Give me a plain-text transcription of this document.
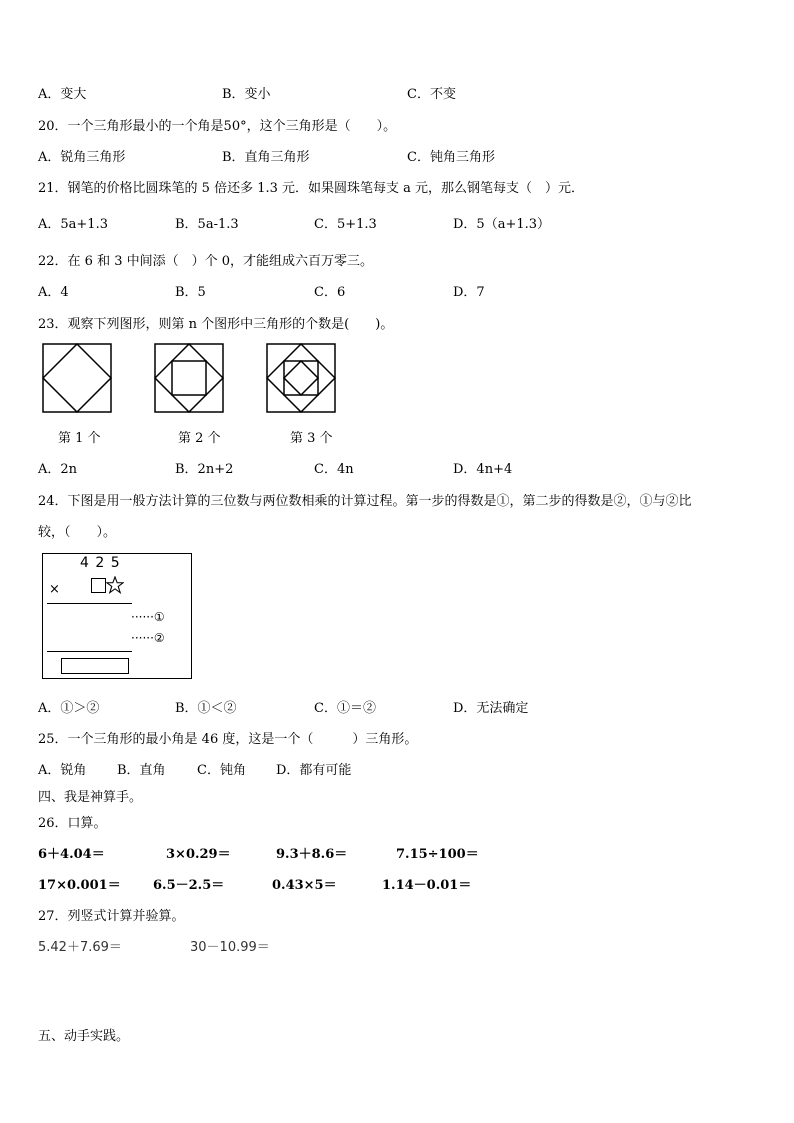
A．变大	B．变小	C．不变
20．一个三角形最小的一个角是50°，这个三角形是（　　）。
A．锐角三角形	B．直角三角形	C．钝角三角形
21．钢笔的价格比圆珠笔的 5 倍还多 1.3 元．如果圆珠笔每支 a 元，那么钢笔每支（　）元．
A．5a+1.3	B．5a-1.3	C．5+1.3	D．5（a+1.3）
22．在 6 和 3 中间添（　）个 0，才能组成六百万零三。
A．4	B．5	C．6	D．7
23．观察下列图形，则第 n 个图形中三角形的个数是(　　)。
第 1 个	第 2 个	第 3 个
A．2n	B．2n+2	C．4n	D．4n+4
24．下图是用一般方法计算的三位数与两位数相乘的计算过程。第一步的得数是①，第二步的得数是②，①与②比
较，（　　）。
4 2 5
×
······①
······②
A．①＞②	B．①＜②	C．①＝②	D．无法确定
25．一个三角形的最小角是 46 度，这是一个（　　　）三角形。
A．锐角 B．直角 C．钝角 D．都有可能
四、我是神算手。
26．口算。
6＋4.04＝	3×0.29＝	9.3＋8.6＝	7.15÷100＝
17×0.001＝ 6.5－2.5＝	0.43×5＝	1.14－0.01＝
27．列竖式计算并验算。
5.42＋7.69＝	30－10.99＝
五、动手实践。
